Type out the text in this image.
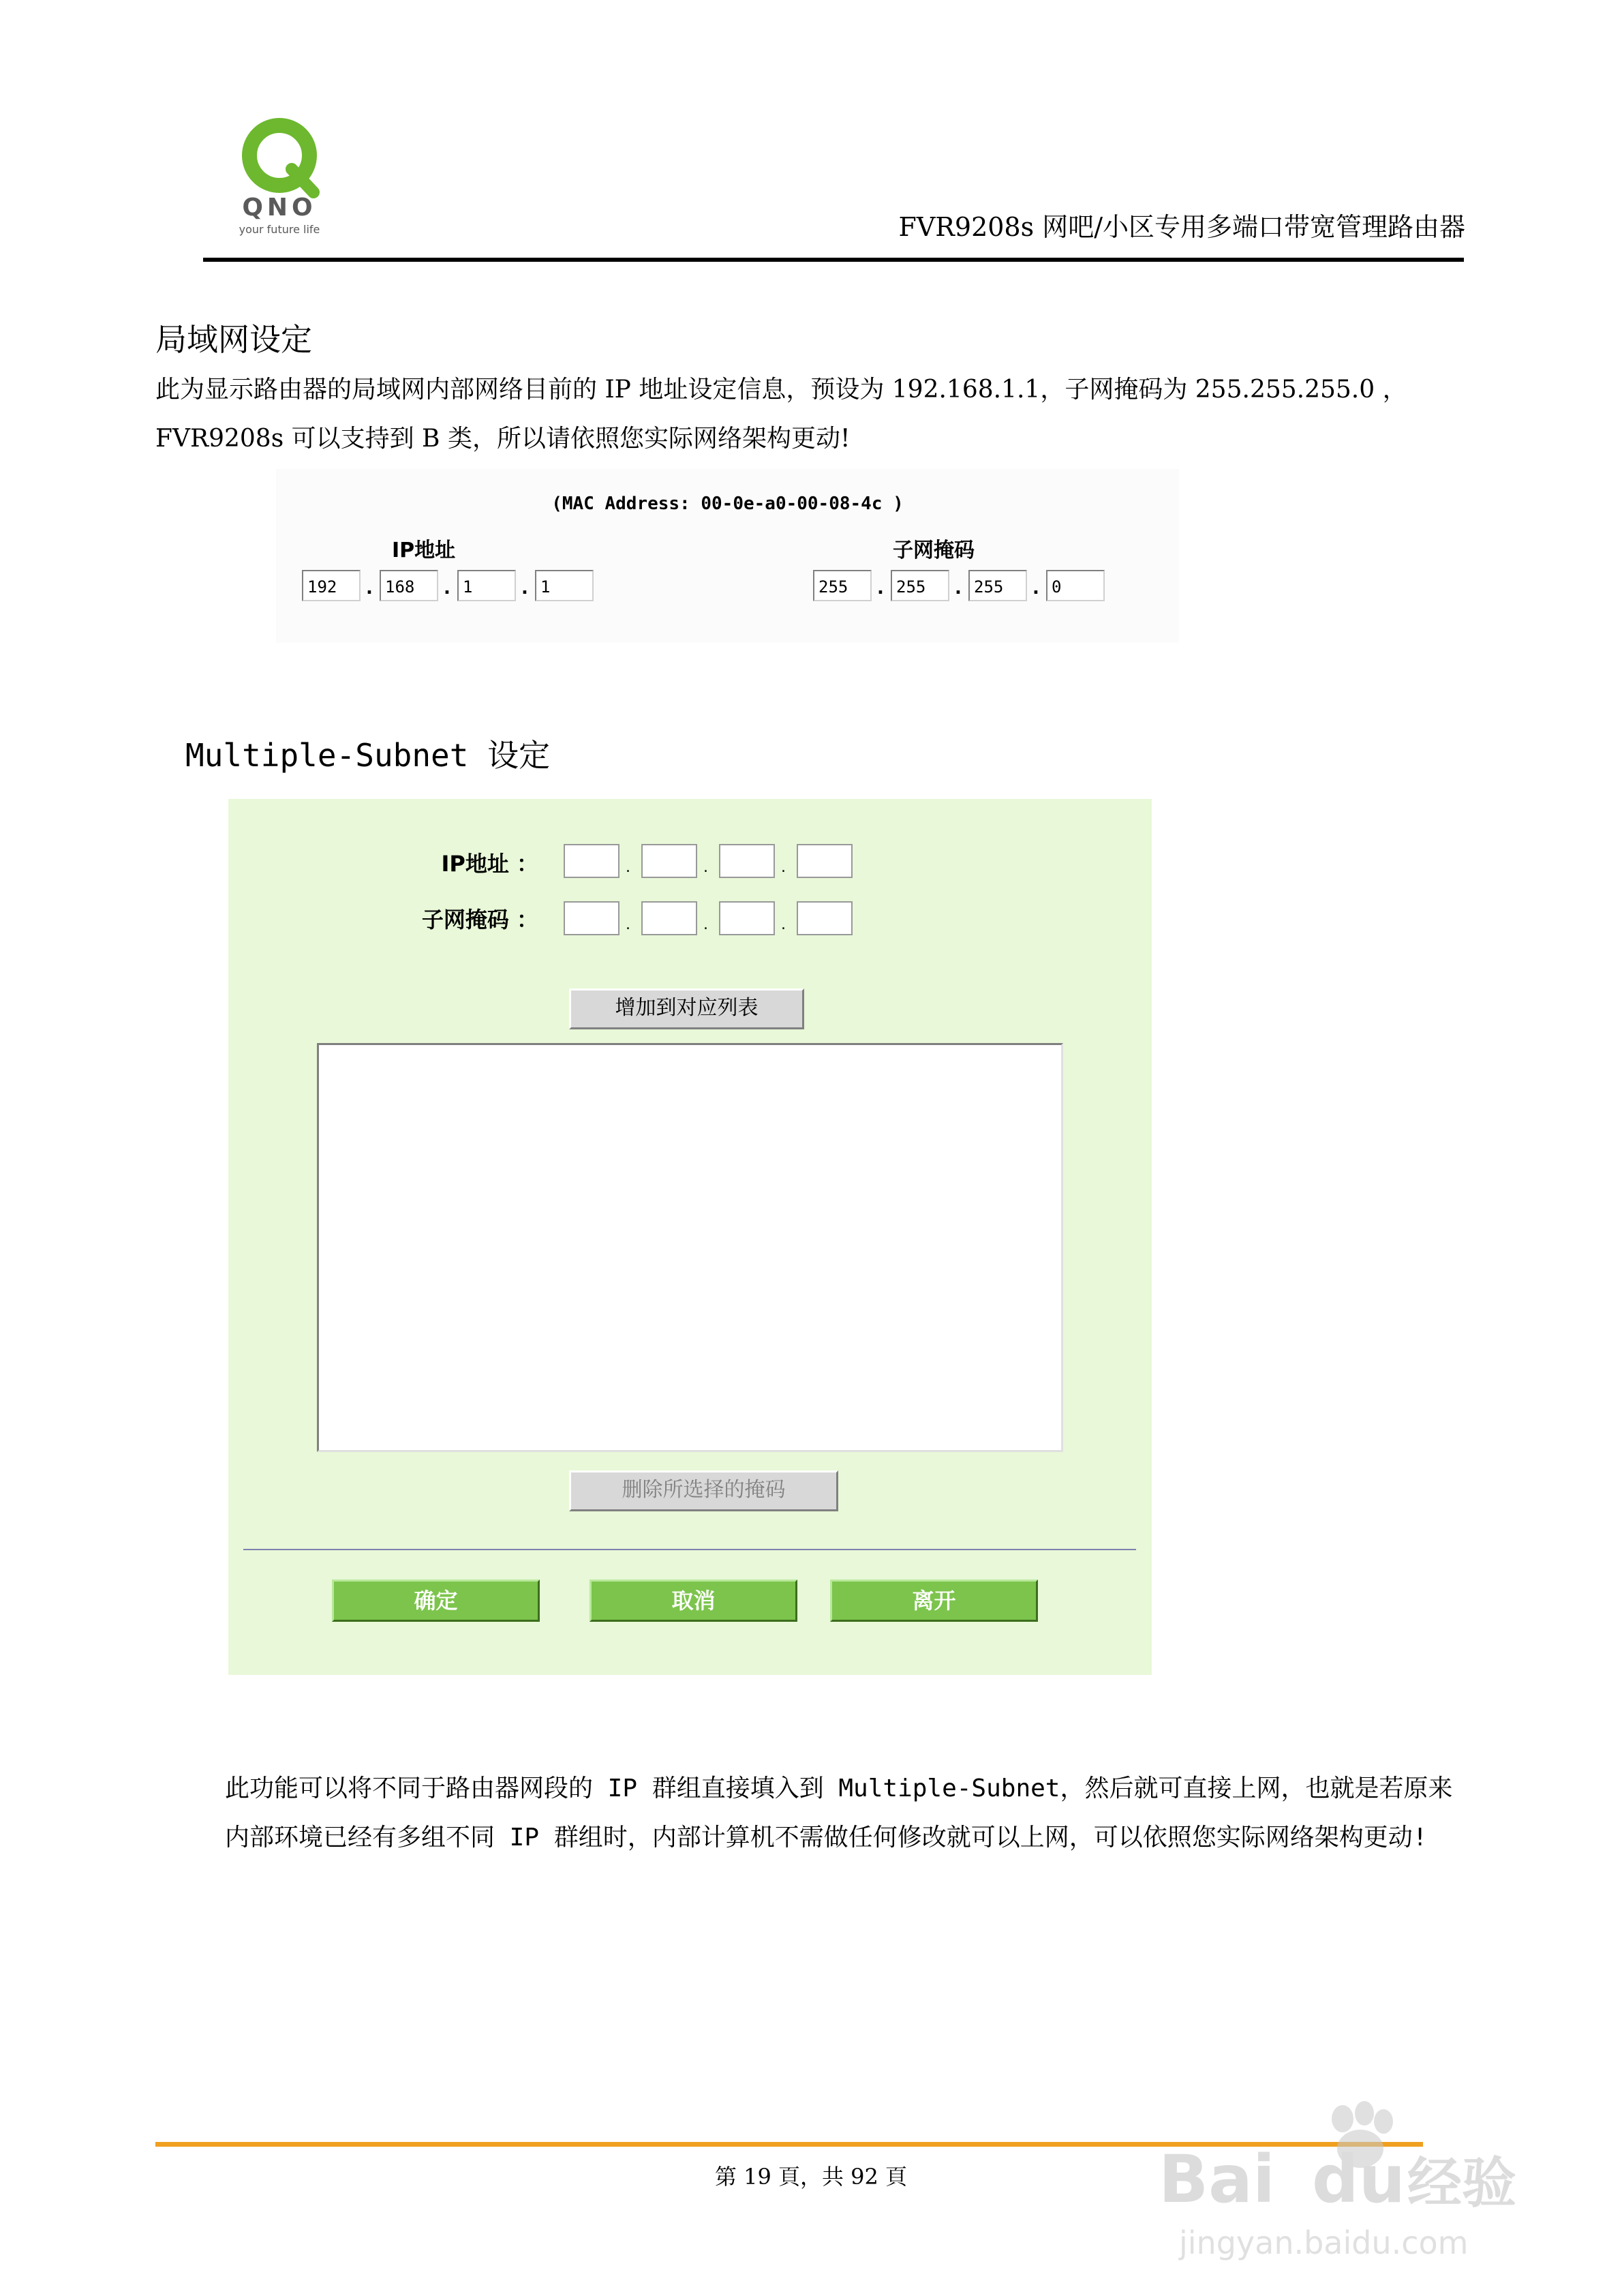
QNO
your future life	FVR9208s 网吧/小区专用多端口带宽管理路由器
局域网设定
此为显示路由器的局域网内部网络目前的 IP 地址设定信息，预设为 192.168.1.1，子网掩码为 255.255.255.0 ，
FVR9208s 可以支持到 B 类，所以请依照您实际网络架构更动!
(MAC Address: 00-0e-a0-00-08-4c )
IP地址	子网掩码
192	. 168	. 1	. 1	255	. 255	. 255	. 0
Multiple-Subnet 设定
IP地址 ：	.	.	.
子网掩码 ：	.	.	.
增加到对应列表
删除所选择的掩码
确定	取消	离开
此功能可以将不同于路由器网段的 IP 群组直接填入到 Multiple-Subnet，然后就可直接上网，也就是若原来
内部环境已经有多组不同 IP 群组时，内部计算机不需做任何修改就可以上网，可以依照您实际网络架构更动!
第 19 頁，共 92 頁	Bai du 经验
jingyan.baidu.com
